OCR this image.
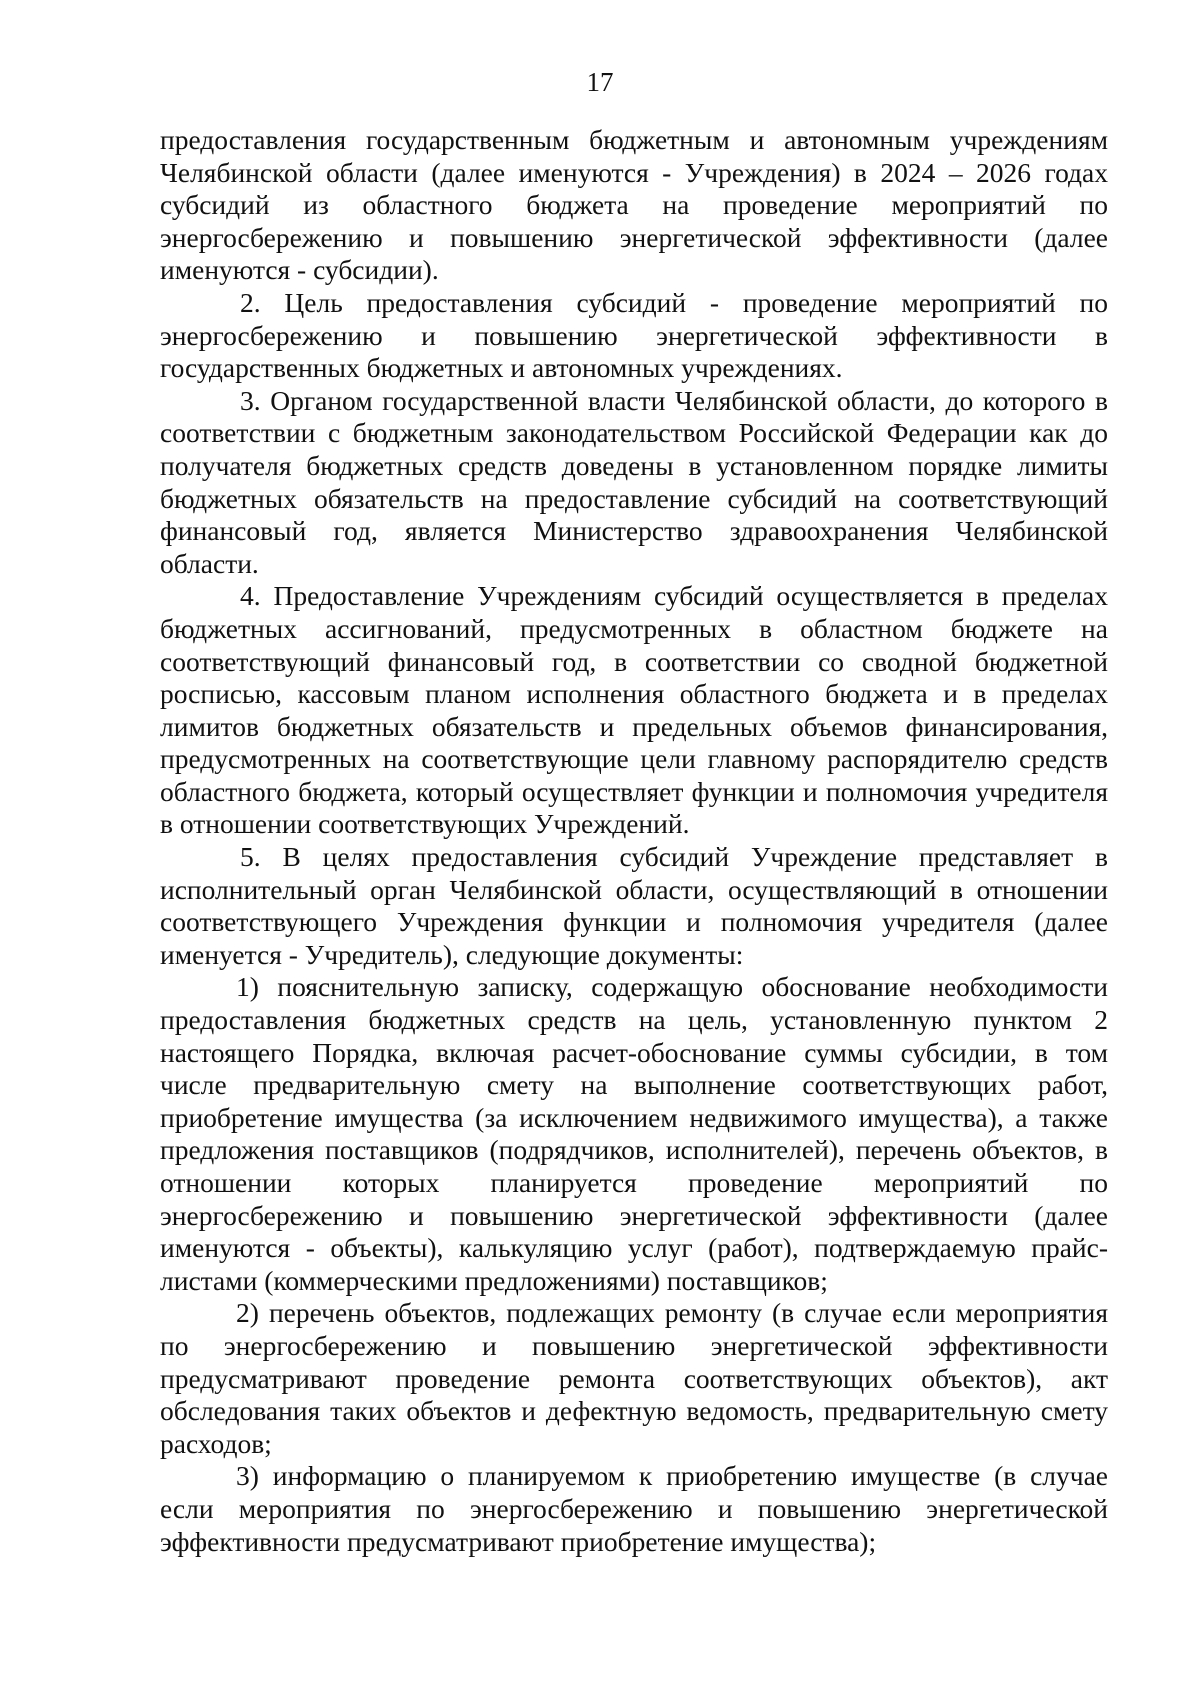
17
предоставления государственным бюджетным и автономным учреждениям
Челябинской области (далее именуются - Учреждения) в 2024 – 2026 годах
субсидий из областного бюджета на проведение мероприятий по
энергосбережению и повышению энергетической эффективности (далее
именуются - субсидии).
2. Цель предоставления субсидий - проведение мероприятий по
энергосбережению и повышению энергетической эффективности в
государственных бюджетных и автономных учреждениях.
3. Органом государственной власти Челябинской области, до которого в
соответствии с бюджетным законодательством Российской Федерации как до
получателя бюджетных средств доведены в установленном порядке лимиты
бюджетных обязательств на предоставление субсидий на соответствующий
финансовый год, является Министерство здравоохранения Челябинской
области.
4. Предоставление Учреждениям субсидий осуществляется в пределах
бюджетных ассигнований, предусмотренных в областном бюджете на
соответствующий финансовый год, в соответствии со сводной бюджетной
росписью, кассовым планом исполнения областного бюджета и в пределах
лимитов бюджетных обязательств и предельных объемов финансирования,
предусмотренных на соответствующие цели главному распорядителю средств
областного бюджета, который осуществляет функции и полномочия учредителя
в отношении соответствующих Учреждений.
5. В целях предоставления субсидий Учреждение представляет в
исполнительный орган Челябинской области, осуществляющий в отношении
соответствующего Учреждения функции и полномочия учредителя (далее
именуется - Учредитель), следующие документы:
1) пояснительную записку, содержащую обоснование необходимости
предоставления бюджетных средств на цель, установленную пунктом 2
настоящего Порядка, включая расчет-обоснование суммы субсидии, в том
числе предварительную смету на выполнение соответствующих работ,
приобретение имущества (за исключением недвижимого имущества), а также
предложения поставщиков (подрядчиков, исполнителей), перечень объектов, в
отношении которых планируется проведение мероприятий по
энергосбережению и повышению энергетической эффективности (далее
именуются - объекты), калькуляцию услуг (работ), подтверждаемую прайс-
листами (коммерческими предложениями) поставщиков;
2) перечень объектов, подлежащих ремонту (в случае если мероприятия
по энергосбережению и повышению энергетической эффективности
предусматривают проведение ремонта соответствующих объектов), акт
обследования таких объектов и дефектную ведомость, предварительную смету
расходов;
3) информацию о планируемом к приобретению имуществе (в случае
если мероприятия по энергосбережению и повышению энергетической
эффективности предусматривают приобретение имущества);
